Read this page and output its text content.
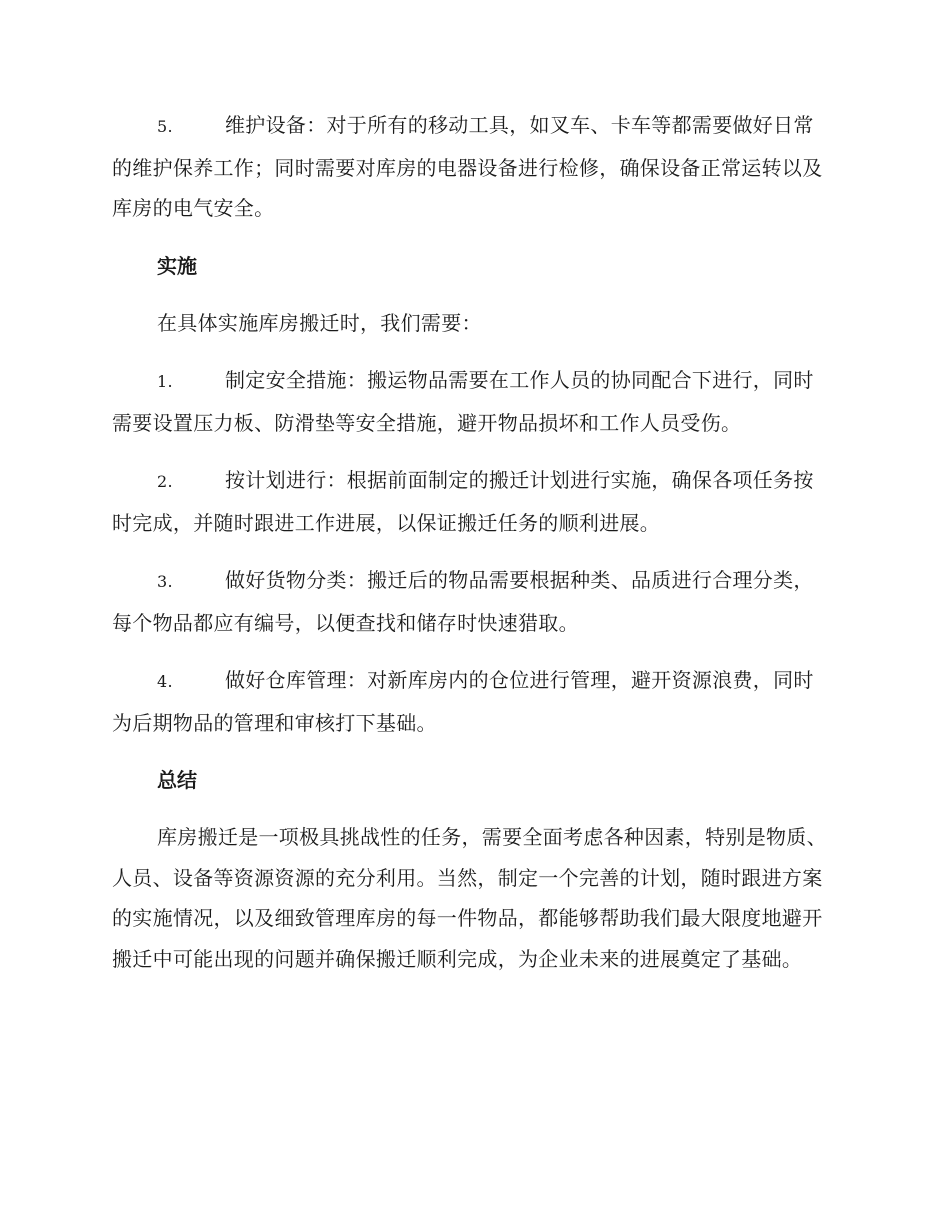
5.	维护设备：对于所有的移动工具，如叉车、卡车等都需要做好日常的维护保养工作；同时需要对库房的电器设备进行检修，确保设备正常运转以及库房的电气安全。

实施

在具体实施库房搬迁时，我们需要：

1.	制定安全措施：搬运物品需要在工作人员的协同配合下进行，同时需要设置压力板、防滑垫等安全措施，避开物品损坏和工作人员受伤。

2.	按计划进行：根据前面制定的搬迁计划进行实施，确保各项任务按时完成，并随时跟进工作进展，以保证搬迁任务的顺利进展。

3.	做好货物分类：搬迁后的物品需要根据种类、品质进行合理分类，每个物品都应有编号，以便查找和储存时快速猎取。

4.	做好仓库管理：对新库房内的仓位进行管理，避开资源浪费，同时为后期物品的管理和审核打下基础。

总结

库房搬迁是一项极具挑战性的任务，需要全面考虑各种因素，特别是物质、人员、设备等资源资源的充分利用。当然，制定一个完善的计划，随时跟进方案的实施情况，以及细致管理库房的每一件物品，都能够帮助我们最大限度地避开搬迁中可能出现的问题并确保搬迁顺利完成，为企业未来的进展奠定了基础。
